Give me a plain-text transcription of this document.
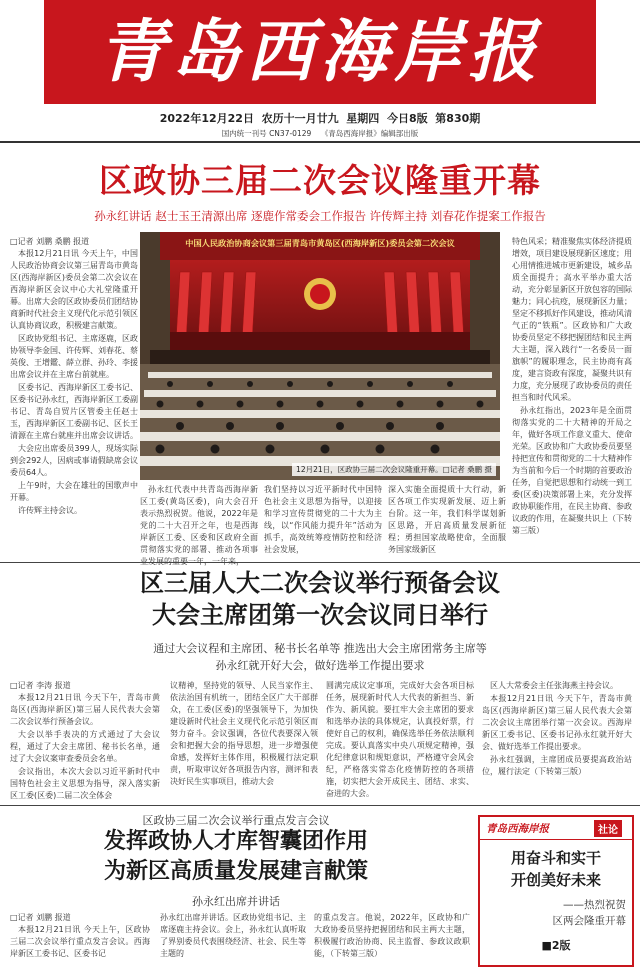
青岛西海岸报
2022年12月22日 农历十一月廿九 星期四 今日8版 第830期
国内统一刊号 CN37-0129 《青岛西海岸报》编辑部出版
区政协三届二次会议隆重开幕
孙永红讲话 赵士玉王清源出席 逐鹿作常委会工作报告 许传辉主持 刘春花作提案工作报告
□记者 刘鹏 桑鹏 报道

本报12月21日讯 今天上午，中国人民政治协商会议第三届青岛市黄岛区(西海岸新区)委员会第二次会议在西海岸新区会议中心大礼堂隆重开幕。出席大会的区政协委员们团结协商新时代社会主义现代化示范引领区认真协商议政，积极建言献策。

区政协党组书记、主席逐鹿，区政协领导李金国、许传辉、刘春花、蔡英俊、王增鑑、薛立群、孙玲、李援出席会议并在主席台前就座。

区委书记、西海岸新区工委书记、区委书记孙永红，西海岸新区工委副书记、青岛自贸片区管委主任赵士玉，西海岸新区工委副书记、区长王清源在主席台就座并出席会议讲话。

大会应出席委员399人，现场实际到会292人，因病或事请假缺席会议委员64人。

上午9时，大会在雄壮的国歌声中开幕。

许传辉主持会议。

中国人民政治协商会议第三届青岛市黄岛区(西海岸新区)委员会第二次会议
12月21日，区政协三届二次会议隆重开幕。□记者 桑鹏 摄

特色风采；精准聚焦实体经济提质增效，项目建设展现新区速度；用心用情推进城市更新建设，城乡品质全面提升；高水平举办重大活动，充分彰显新区开放包容的国际魅力；同心抗疫，展现新区力量；坚定不移抓好作风建设，推动风清气正的“铁瓶”。区政协和广大政协委员坚定不移把握团结和民主两大主题，深入践行“一名委员一面旗帜”的履职理念，民主协商有高度，建言资政有深度，凝聚共识有力度，充分展现了政协委员的责任担当和时代风采。

孙永红指出，2023年是全面贯彻落实党的二十大精神的开局之年，做好各项工作意义重大、使命光荣。区政协和广大政协委员要坚持把宣传和贯彻党的二十大精神作为当前和今后一个时期的首要政治任务，自觉把思想和行动统一到工委(区委)决策部署上来，充分发挥政协职能作用，在民主协商、参政议政的作用，在凝聚共识上（下转第三版）

孙永红代表中共青岛西海岸新区工委(黄岛区委)，向大会召开表示热烈祝贺。他说，2022年是党的二十大召开之年，也是西海岸新区工委、区委和区政府全面贯彻落实党的部署、推动各项事
我们坚持以习近平新时代中国特色社会主义思想为指导，以迎接和学习宣传贯彻党的二十大为主线，以“作风能力提升年”活动为抓手，高效统筹疫情防控和经济社会发展，
深入实施全面提质十大行动，新区各项工作实现新发展、迈上新台阶。这一年，我们科学谋划新区思路，开启高质量发展新征程；勇担国家战略使命，全面服务国家级新区
区三届人大二次会议举行预备会议
大会主席团第一次会议同日举行
通过大会议程和主席团、秘书长名单等 推选出大会主席团常务主席等
孙永红就开好大会，做好选举工作提出要求
□记者 李涛 报道

本报12月21日讯 今天下午，青岛市黄岛区(西海岸新区)第三届人民代表大会第二次会议举行预备会议。

大会以举手表决的方式通过了大会议程，通过了大会主席团、秘书长名单，通过了大会议案审查委员会名单。

会议指出，本次大会以习近平新时代中国特色社会主义思想为指导，深入落实新区工委(区委)二届二次全体会

议精神，坚持党的领导、人民当家作主、依法治国有机统一，团结全区广大干部群众，在工委(区委)的坚强领导下，为加快建设新时代社会主义现代化示范引领区而努力奋斗。会议强调，各位代表要深入领会和把握大会的指导思想，进一步增强使命感，发挥好主体作用，积极履行法定职责，听取审议好各项报告内容，测评和表决好民生实事项目，推动大会
圆满完成议定事项，完成好大会各项目标任务，展现新时代人大代表的新担当、新作为、新风貌。要扛牢大会主席团的要求和选举办法的具体规定，认真投好票，行使好自己的权利，确保选举任务依法顺利完成。要认真落实中央八项规定精神，强化纪律意识和规矩意识，严格遵守会风会纪，严格落实常态化疫情防控的各项措施，切实把大会开成民主、团结、求实、奋进的大会。

区人大常委会主任张海燕主持会议。

本报12月21日讯 今天下午，青岛市黄岛区(西海岸新区)第三届人民代表大会第二次会议主席团举行第一次会议。西海岸新区工委书记、区委书记孙永红就开好大会、做好选举工作提出要求。

孙永红强调，主席团成员要提高政治站位，履行法定（下转第三版）

区政协三届二次会议举行重点发言会议
发挥政协人才库智囊团作用
为新区高质量发展建言献策
孙永红出席并讲话
□记者 刘鹏 报道
本报12月21日讯 今天上午，区政协三届二次会议举行重点发言会议。西海岸新区工委书记、区委书记
孙永红出席并讲话。区政协党组书记、主席逐鹿主持会议。会上，孙永红认真听取了界别委员代表围绕经济、社会、民生等主题的
的重点发言。他说，2022年，区政协和广大政协委员坚持把握团结和民主两大主题，积极履行政治协商、民主监督、参政议政职能，（下转第三版）
青岛西海岸报	社论
用奋斗和实干
开创美好未来
——热烈祝贺
区两会隆重开幕
■2版
